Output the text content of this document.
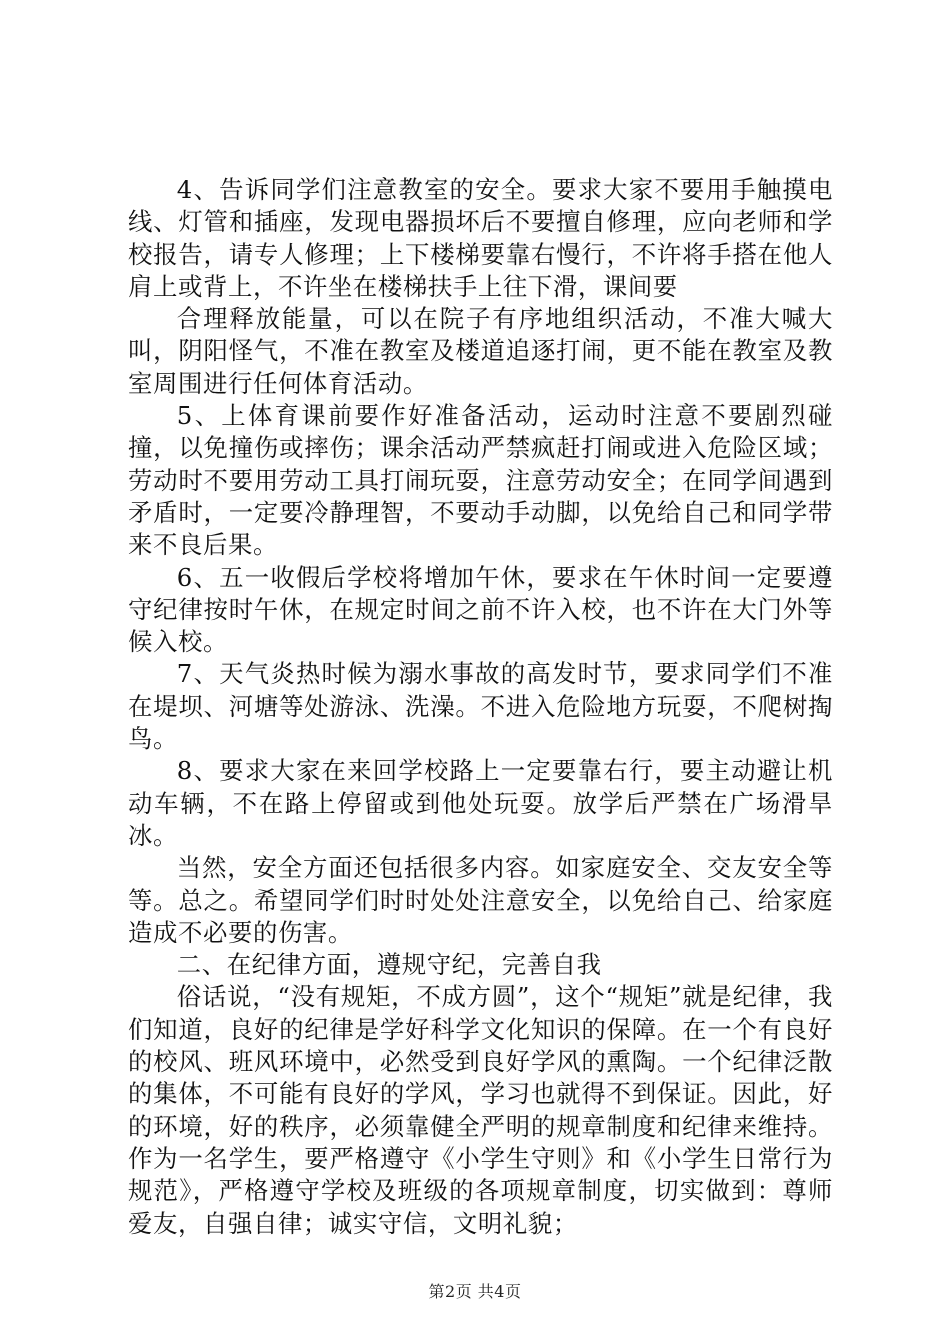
4、告诉同学们注意教室的安全。要求大家不要用手触摸电线、灯管和插座，发现电器损坏后不要擅自修理，应向老师和学校报告，请专人修理；上下楼梯要靠右慢行，不许将手搭在他人肩上或背上，不许坐在楼梯扶手上往下滑，课间要

合理释放能量，可以在院子有序地组织活动，不准大喊大叫，阴阳怪气，不准在教室及楼道追逐打闹，更不能在教室及教室周围进行任何体育活动。

5、上体育课前要作好准备活动，运动时注意不要剧烈碰撞，以免撞伤或摔伤；课余活动严禁疯赶打闹或进入危险区域；劳动时不要用劳动工具打闹玩耍，注意劳动安全；在同学间遇到矛盾时，一定要冷静理智，不要动手动脚，以免给自己和同学带来不良后果。

6、五一收假后学校将增加午休，要求在午休时间一定要遵守纪律按时午休，在规定时间之前不许入校，也不许在大门外等候入校。

7、天气炎热时候为溺水事故的高发时节，要求同学们不准在堤坝、河塘等处游泳、洗澡。不进入危险地方玩耍，不爬树掏鸟。

8、要求大家在来回学校路上一定要靠右行，要主动避让机动车辆，不在路上停留或到他处玩耍。放学后严禁在广场滑旱冰。

当然，安全方面还包括很多内容。如家庭安全、交友安全等等。总之。希望同学们时时处处注意安全，以免给自己、给家庭造成不必要的伤害。

二、在纪律方面，遵规守纪，完善自我

俗话说，“没有规矩，不成方圆”，这个“规矩”就是纪律，我们知道，良好的纪律是学好科学文化知识的保障。在一个有良好的校风、班风环境中，必然受到良好学风的熏陶。一个纪律泛散的集体，不可能有良好的学风，学习也就得不到保证。因此，好的环境，好的秩序，必须靠健全严明的规章制度和纪律来维持。作为一名学生，要严格遵守《小学生守则》和《小学生日常行为规范》，严格遵守学校及班级的各项规章制度，切实做到：尊师爱友，自强自律；诚实守信，文明礼貌；

第2页 共4页
